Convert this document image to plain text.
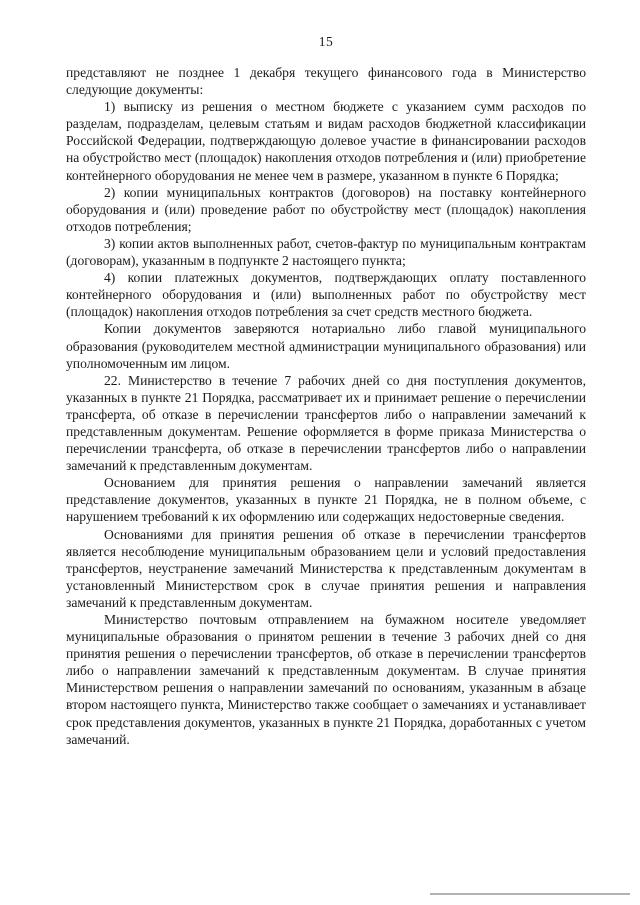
15

представляют не позднее 1 декабря текущего финансового года в Министерство следующие документы:

1) выписку из решения о местном бюджете с указанием сумм расходов по разделам, подразделам, целевым статьям и видам расходов бюджетной классификации Российской Федерации, подтверждающую долевое участие в финансировании расходов на обустройство мест (площадок) накопления отходов потребления и (или) приобретение контейнерного оборудования не менее чем в размере, указанном в пункте 6 Порядка;

2) копии муниципальных контрактов (договоров) на поставку контейнерного оборудования и (или) проведение работ по обустройству мест (площадок) накопления отходов потребления;

3) копии актов выполненных работ, счетов-фактур по муниципальным контрактам (договорам), указанным в подпункте 2 настоящего пункта;

4) копии платежных документов, подтверждающих оплату поставленного контейнерного оборудования и (или) выполненных работ по обустройству мест (площадок) накопления отходов потребления за счет средств местного бюджета.

Копии документов заверяются нотариально либо главой муниципального образования (руководителем местной администрации муниципального образования) или уполномоченным им лицом.

22. Министерство в течение 7 рабочих дней со дня поступления документов, указанных в пункте 21 Порядка, рассматривает их и принимает решение о перечислении трансферта, об отказе в перечислении трансфертов либо о направлении замечаний к представленным документам. Решение оформляется в форме приказа Министерства о перечислении трансферта, об отказе в перечислении трансфертов либо о направлении замечаний к представленным документам.

Основанием для принятия решения о направлении замечаний является представление документов, указанных в пункте 21 Порядка, не в полном объеме, с нарушением требований к их оформлению или содержащих недостоверные сведения.

Основаниями для принятия решения об отказе в перечислении трансфертов является несоблюдение муниципальным образованием цели и условий предоставления трансфертов, неустранение замечаний Министерства к представленным документам в установленный Министерством срок в случае принятия решения и направления замечаний к представленным документам.

Министерство почтовым отправлением на бумажном носителе уведомляет муниципальные образования о принятом решении в течение 3 рабочих дней со дня принятия решения о перечислении трансфертов, об отказе в перечислении трансфертов либо о направлении замечаний к представленным документам. В случае принятия Министерством решения о направлении замечаний по основаниям, указанным в абзаце втором настоящего пункта, Министерство также сообщает о замечаниях и устанавливает срок представления документов, указанных в пункте 21 Порядка, доработанных с учетом замечаний.
